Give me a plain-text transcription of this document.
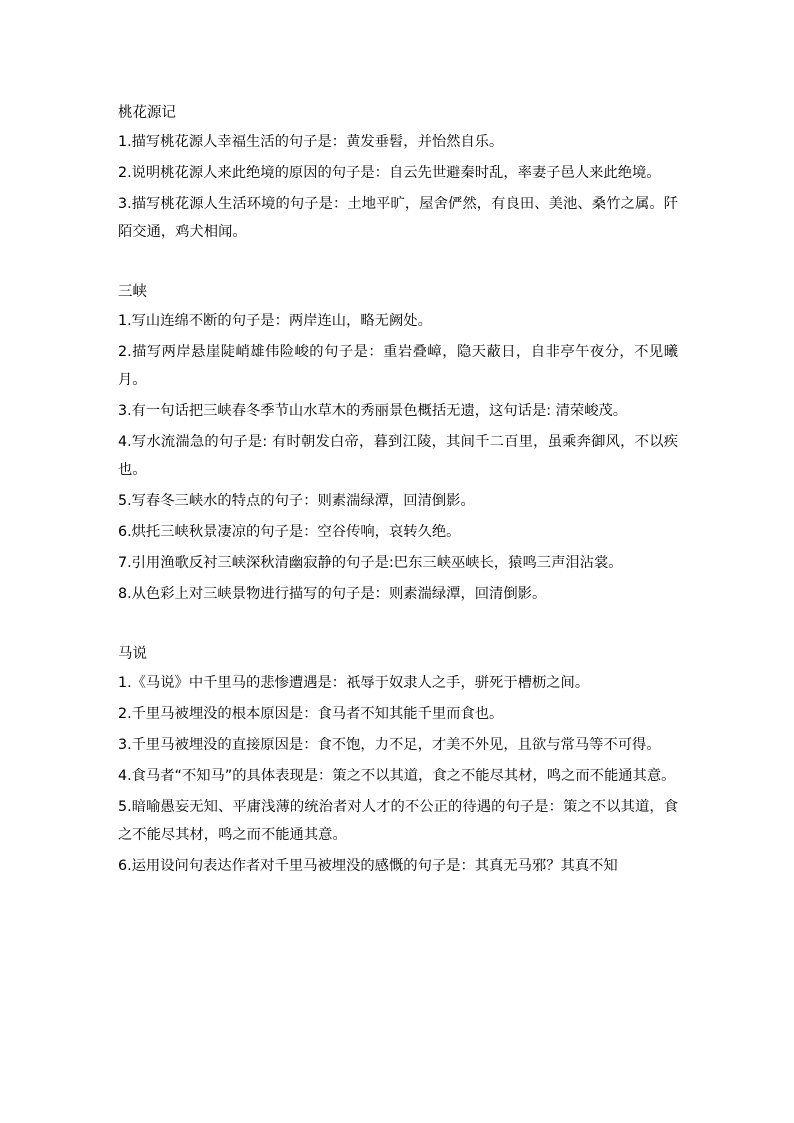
桃花源记
1.描写桃花源人幸福生活的句子是：黄发垂髫，并怡然自乐。
2.说明桃花源人来此绝境的原因的句子是：自云先世避秦时乱，率妻子邑人来此绝境。
3.描写桃花源人生活环境的句子是：土地平旷，屋舍俨然，有良田、美池、桑竹之属。阡陌交通，鸡犬相闻。
三峡
1.写山连绵不断的句子是：两岸连山，略无阙处。
2.描写两岸悬崖陡峭雄伟险峻的句子是：重岩叠嶂，隐天蔽日，自非亭午夜分，不见曦月。
3.有一句话把三峡春冬季节山水草木的秀丽景色概括无遗，这句话是: 清荣峻茂。
4.写水流湍急的句子是: 有时朝发白帝，暮到江陵，其间千二百里，虽乘奔御风，不以疾也。
5.写春冬三峡水的特点的句子：则素湍绿潭，回清倒影。
6.烘托三峡秋景凄凉的句子是：空谷传响，哀转久绝。
7.引用渔歌反衬三峡深秋清幽寂静的句子是:巴东三峡巫峡长，猿鸣三声泪沾裳。
8.从色彩上对三峡景物进行描写的句子是：则素湍绿潭，回清倒影。
马说
1.《马说》中千里马的悲惨遭遇是：祇辱于奴隶人之手，骈死于槽枥之间。
2.千里马被埋没的根本原因是：食马者不知其能千里而食也。
3.千里马被埋没的直接原因是：食不饱，力不足，才美不外见，且欲与常马等不可得。
4.食马者“不知马”的具体表现是：策之不以其道，食之不能尽其材，鸣之而不能通其意。
5.暗喻愚妄无知、平庸浅薄的统治者对人才的不公正的待遇的句子是：策之不以其道，食之不能尽其材，鸣之而不能通其意。
6.运用设问句表达作者对千里马被埋没的感慨的句子是：其真无马邪？其真不知
